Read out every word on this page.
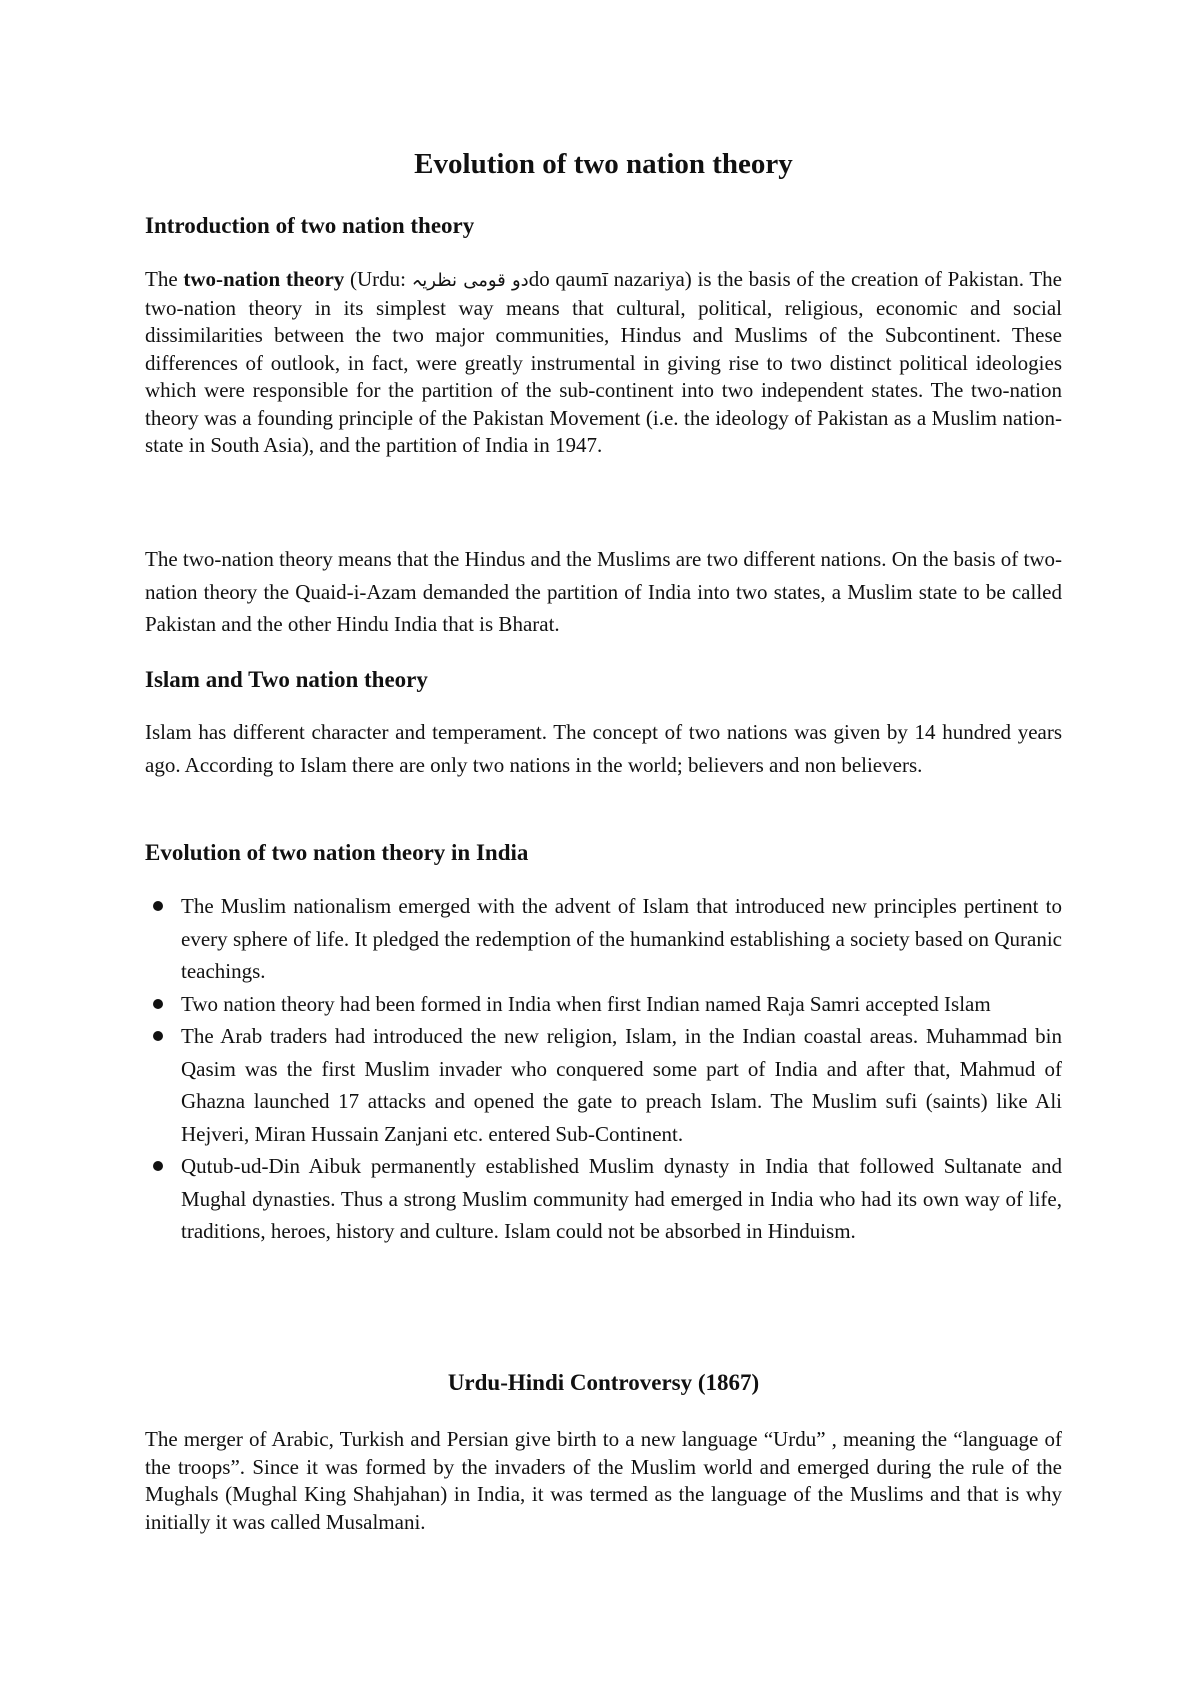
Evolution of two nation theory
Introduction of two nation theory

The two-nation theory (Urdu: دو قومی نظریہdo qaumī nazariya) is the basis of the creation of Pakistan. The two-nation theory in its simplest way means that cultural, political, religious, economic and social dissimilarities between the two major communities, Hindus and Muslims of the Subcontinent. These differences of outlook, in fact, were greatly instrumental in giving rise to two distinct political ideologies which were responsible for the partition of the sub-continent into two independent states. The two-nation theory was a founding principle of the Pakistan Movement (i.e. the ideology of Pakistan as a Muslim nation-state in South Asia), and the partition of India in 1947.

The two-nation theory means that the Hindus and the Muslims are two different nations. On the basis of two-nation theory the Quaid-i-Azam demanded the partition of India into two states, a Muslim state to be called Pakistan and the other Hindu India that is Bharat.

Islam and Two nation theory

Islam has different character and temperament. The concept of two nations was given by 14 hundred years ago. According to Islam there are only two nations in the world; believers and non believers.

Evolution of two nation theory in India
The Muslim nationalism emerged with the advent of Islam that introduced new principles pertinent to every sphere of life. It pledged the redemption of the humankind establishing a society based on Quranic teachings.
Two nation theory had been formed in India when first Indian named Raja Samri accepted Islam
The Arab traders had introduced the new religion, Islam, in the Indian coastal areas. Muhammad bin Qasim was the first Muslim invader who conquered some part of India and after that, Mahmud of Ghazna launched 17 attacks and opened the gate to preach Islam. The Muslim sufi (saints) like Ali Hejveri, Miran Hussain Zanjani etc. entered Sub-Continent.
Qutub-ud-Din Aibuk permanently established Muslim dynasty in India that followed Sultanate and Mughal dynasties. Thus a strong Muslim community had emerged in India who had its own way of life, traditions, heroes, history and culture. Islam could not be absorbed in Hinduism.
Urdu-Hindi Controversy (1867)

The merger of Arabic, Turkish and Persian give birth to a new language “Urdu” , meaning the “language of the troops”. Since it was formed by the invaders of the Muslim world and emerged during the rule of the Mughals (Mughal King Shahjahan) in India, it was termed as the language of the Muslims and that is why initially it was called Musalmani.
